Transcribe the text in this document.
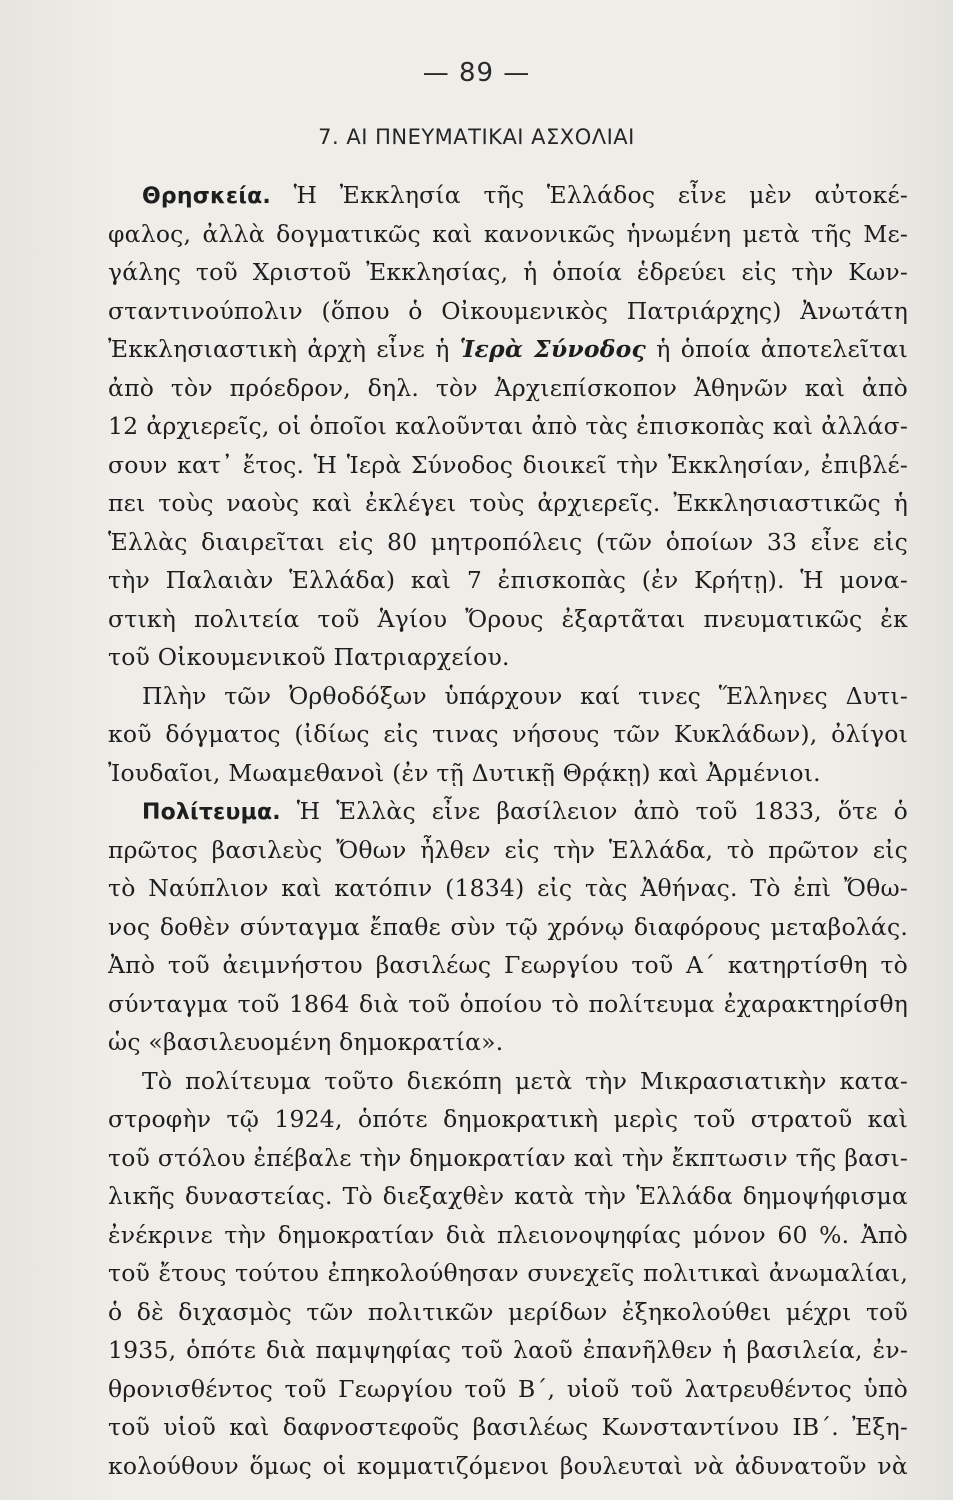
— 89 —
7. ΑΙ ΠΝΕΥΜΑΤΙΚΑΙ ΑΣΧΟΛΙΑΙ
Θρησκεία. Ἡ Ἐκκλησία τῆς Ἑλλάδος εἶνε μὲν αὐτοκέ-
φαλος, ἀλλὰ δογματικῶς καὶ κανονικῶς ἡνωμένη μετὰ τῆς Με-
γάλης τοῦ Χριστοῦ Ἐκκλησίας, ἡ ὁποία ἑδρεύει εἰς τὴν Κων-
σταντινούπολιν (ὅπου ὁ Οἰκουμενικὸς Πατριάρχης) Ἀνωτάτη
Ἐκκλησιαστικὴ ἀρχὴ εἶνε ἡ Ἱερὰ Σύνοδος ἡ ὁποία ἀποτελεῖται
ἀπὸ τὸν πρόεδρον, δηλ. τὸν Ἀρχιεπίσκοπον Ἀθηνῶν καὶ ἀπὸ
12 ἀρχιερεῖς, οἱ ὁποῖοι καλοῦνται ἀπὸ τὰς ἐπισκοπὰς καὶ ἀλλάσ-
σουν κατ᾽ ἔτος. Ἡ Ἱερὰ Σύνοδος διοικεῖ τὴν Ἐκκλησίαν, ἐπιβλέ-
πει τοὺς ναοὺς καὶ ἐκλέγει τοὺς ἀρχιερεῖς. Ἐκκλησιαστικῶς ἡ
Ἑλλὰς διαιρεῖται εἰς 80 μητροπόλεις (τῶν ὁποίων 33 εἶνε εἰς
τὴν Παλαιὰν Ἑλλάδα) καὶ 7 ἐπισκοπὰς (ἐν Κρήτῃ). Ἡ μονα-
στικὴ πολιτεία τοῦ Ἁγίου Ὄρους ἐξαρτᾶται πνευματικῶς ἐκ
τοῦ Οἰκουμενικοῦ Πατριαρχείου.
Πλὴν τῶν Ὀρθοδόξων ὑπάρχουν καί τινες Ἕλληνες Δυτι-
κοῦ δόγματος (ἰδίως εἰς τινας νήσους τῶν Κυκλάδων), ὀλίγοι
Ἰουδαῖοι, Μωαμεθανοὶ (ἐν τῇ Δυτικῇ Θρᾴκῃ) καὶ Ἀρμένιοι.
Πολίτευμα. Ἡ Ἑλλὰς εἶνε βασίλειον ἀπὸ τοῦ 1833, ὅτε ὁ
πρῶτος βασιλεὺς Ὄθων ἦλθεν εἰς τὴν Ἑλλάδα, τὸ πρῶτον εἰς
τὸ Ναύπλιον καὶ κατόπιν (1834) εἰς τὰς Ἀθήνας. Τὸ ἐπὶ Ὄθω-
νος δοθὲν σύνταγμα ἔπαθε σὺν τῷ χρόνῳ διαφόρους μεταβολάς.
Ἀπὸ τοῦ ἀειμνήστου βασιλέως Γεωργίου τοῦ Α´ κατηρτίσθη τὸ
σύνταγμα τοῦ 1864 διὰ τοῦ ὁποίου τὸ πολίτευμα ἐχαρακτηρίσθη
ὡς «βασιλευομένη δημοκρατία».
Τὸ πολίτευμα τοῦτο διεκόπη μετὰ τὴν Μικρασιατικὴν κατα-
στροφὴν τῷ 1924, ὁπότε δημοκρατικὴ μερὶς τοῦ στρατοῦ καὶ
τοῦ στόλου ἐπέβαλε τὴν δημοκρατίαν καὶ τὴν ἔκπτωσιν τῆς βασι-
λικῆς δυναστείας. Τὸ διεξαχθὲν κατὰ τὴν Ἑλλάδα δημοψήφισμα
ἐνέκρινε τὴν δημοκρατίαν διὰ πλειονοψηφίας μόνον 60 %. Ἀπὸ
τοῦ ἔτους τούτου ἐπηκολούθησαν συνεχεῖς πολιτικαὶ ἀνωμαλίαι,
ὁ δὲ διχασμὸς τῶν πολιτικῶν μερίδων ἐξηκολούθει μέχρι τοῦ
1935, ὁπότε διὰ παμψηφίας τοῦ λαοῦ ἐπανῆλθεν ἡ βασιλεία, ἐν-
θρονισθέντος τοῦ Γεωργίου τοῦ Β´, υἱοῦ τοῦ λατρευθέντος ὑπὸ
τοῦ υἱοῦ καὶ δαφνοστεφοῦς βασιλέως Κωνσταντίνου ΙΒ´. Ἐξη-
κολούθουν ὅμως οἱ κομματιζόμενοι βουλευταὶ νὰ ἀδυνατοῦν νὰ
